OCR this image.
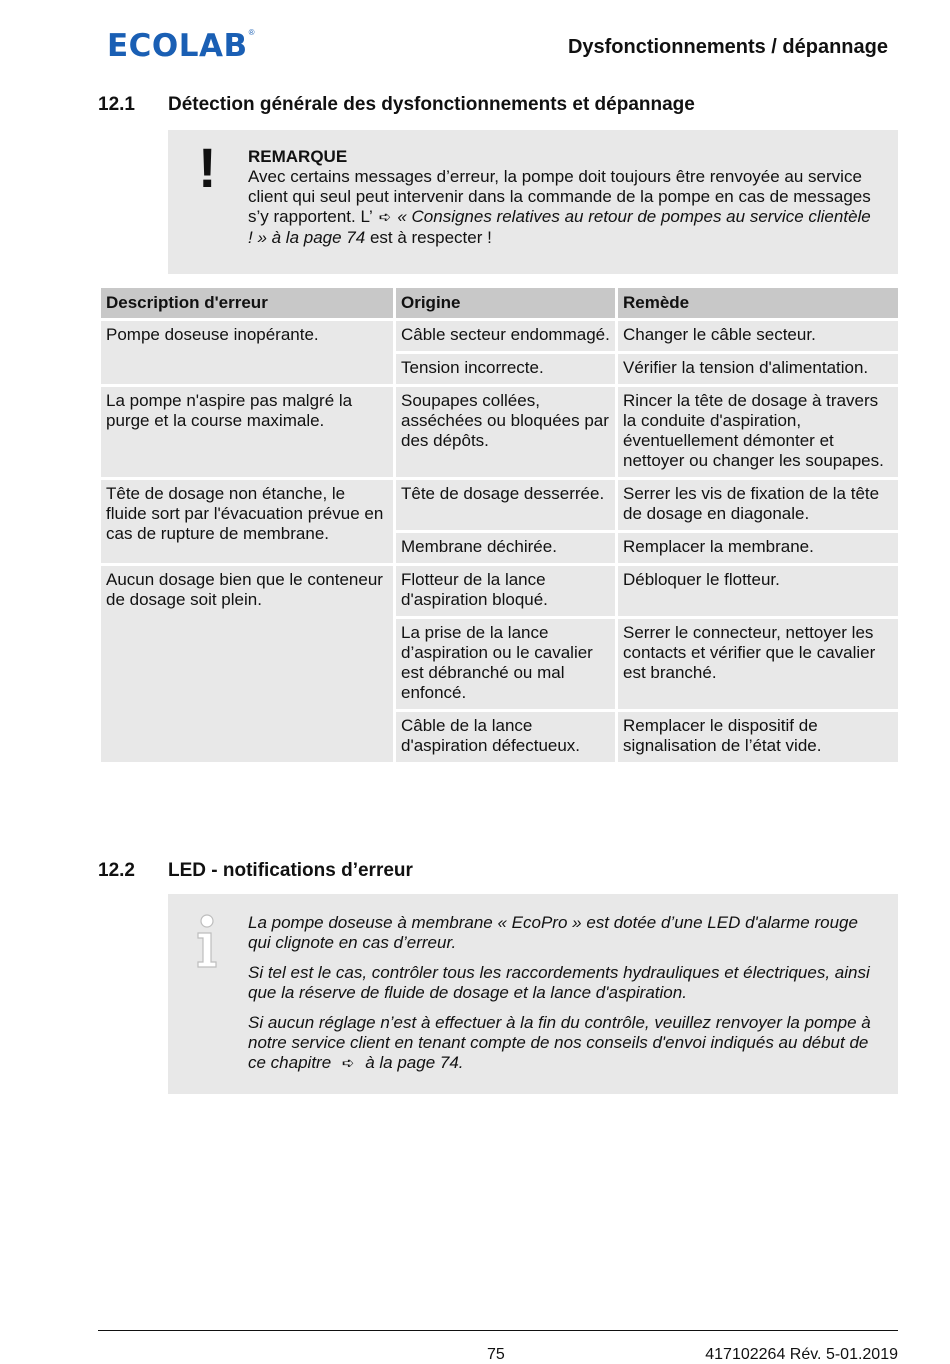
ECOLAB ®
Dysfonctionnements / dépannage
12.1 Détection générale des dysfonctionnements et dépannage
! REMARQUE
Avec certains messages d’erreur, la pompe doit toujours être renvoyée au service client qui seul peut intervenir dans la commande de la pompe en cas de messages s’y rapportent. L’ ➪ « Consignes relatives au retour de pompes au service clientèle ! » à la page 74 est à respecter !
Description d'erreur	Origine	Remède
Pompe doseuse inopérante.	Câble secteur endommagé.	Changer le câble secteur.
	Tension incorrecte.	Vérifier la tension d'alimentation.
La pompe n'aspire pas malgré la purge et la course maximale.	Soupapes collées, asséchées ou bloquées par des dépôts.	Rincer la tête de dosage à travers la conduite d'aspiration, éventuellement démonter et nettoyer ou changer les soupapes.
Tête de dosage non étanche, le fluide sort par l'évacuation prévue en cas de rupture de membrane.	Tête de dosage desserrée.	Serrer les vis de fixation de la tête de dosage en diagonale.
	Membrane déchirée.	Remplacer la membrane.
Aucun dosage bien que le conteneur de dosage soit plein.	Flotteur de la lance d'aspiration bloqué.	Débloquer le flotteur.
	La prise de la lance d’aspiration ou le cavalier est débranché ou mal enfoncé.	Serrer le connecteur, nettoyer les contacts et vérifier que le cavalier est branché.
	Câble de la lance d'aspiration défectueux.	Remplacer le dispositif de signalisation de l’état vide.
12.2 LED - notifications d’erreur

La pompe doseuse à membrane « EcoPro » est dotée d’une LED d'alarme rouge qui clignote en cas d’erreur.

Si tel est le cas, contrôler tous les raccordements hydrauliques et électriques, ainsi que la réserve de fluide de dosage et la lance d'aspiration.

Si aucun réglage n’est à effectuer à la fin du contrôle, veuillez renvoyer la pompe à notre service client en tenant compte de nos conseils d'envoi indiqués au début de ce chapitre ➪ à la page 74.

75	417102264 Rév. 5-01.2019
